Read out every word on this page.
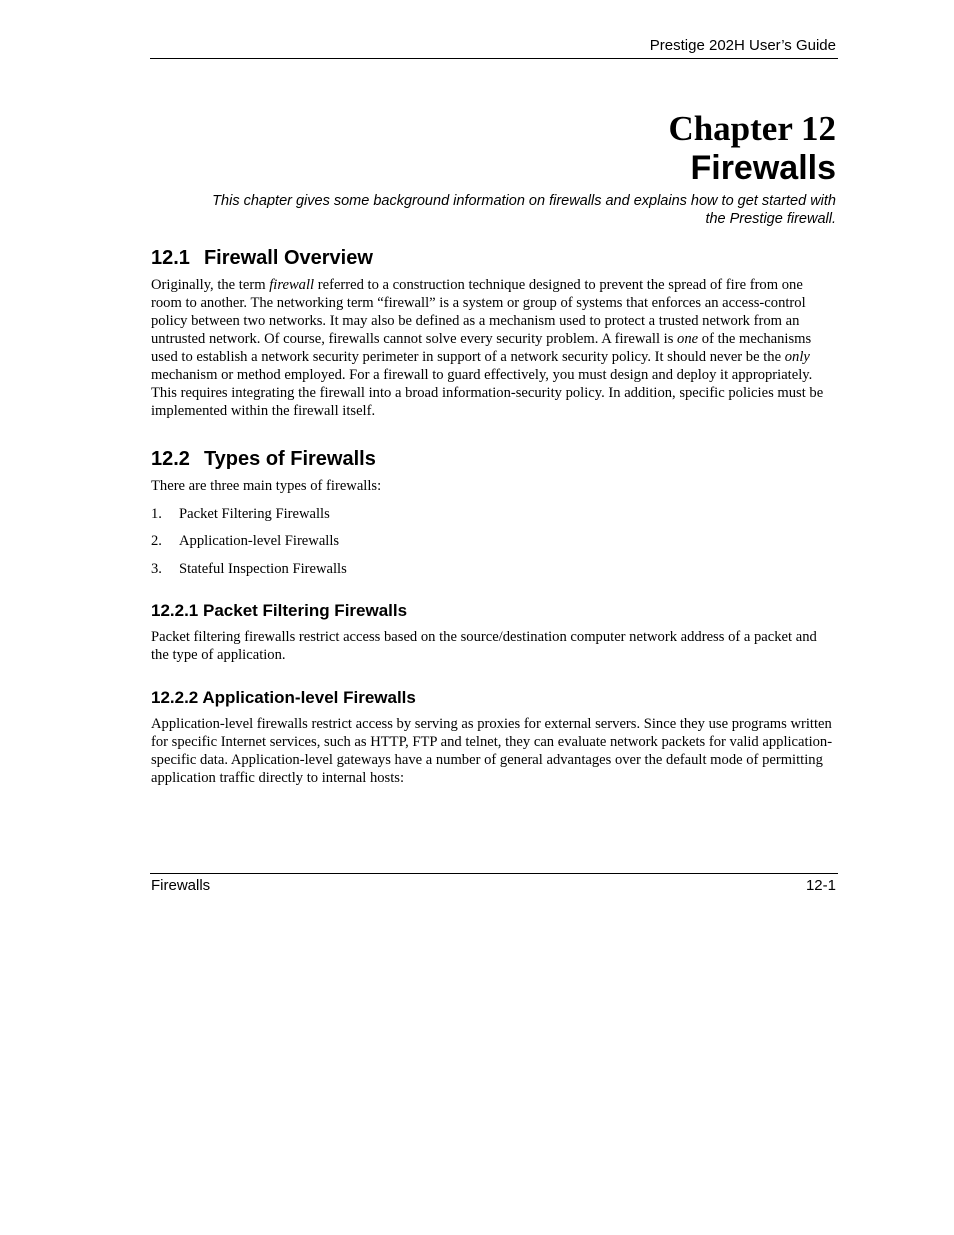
Prestige 202H User’s Guide
Chapter 12
Firewalls
This chapter gives some background information on firewalls and explains how to get started with
the Prestige firewall.
12.1 Firewall Overview

Originally, the term firewall referred to a construction technique designed to prevent the spread of fire from one room to another. The networking term “firewall” is a system or group of systems that enforces an access-control policy between two networks. It may also be defined as a mechanism used to protect a trusted network from an untrusted network. Of course, firewalls cannot solve every security problem. A firewall is one of the mechanisms used to establish a network security perimeter in support of a network security policy. It should never be the only mechanism or method employed. For a firewall to guard effectively, you must design and deploy it appropriately. This requires integrating the firewall into a broad information-security policy. In addition, specific policies must be implemented within the firewall itself.

12.2 Types of Firewalls

There are three main types of firewalls:

1.	Packet Filtering Firewalls
2.	Application-level Firewalls
3.	Stateful Inspection Firewalls
12.2.1 Packet Filtering Firewalls

Packet filtering firewalls restrict access based on the source/destination computer network address of a packet and the type of application.

12.2.2 Application-level Firewalls

Application-level firewalls restrict access by serving as proxies for external servers. Since they use programs written for specific Internet services, such as HTTP, FTP and telnet, they can evaluate network packets for valid application-specific data. Application-level gateways have a number of general advantages over the default mode of permitting application traffic directly to internal hosts:

Firewalls	12-1
